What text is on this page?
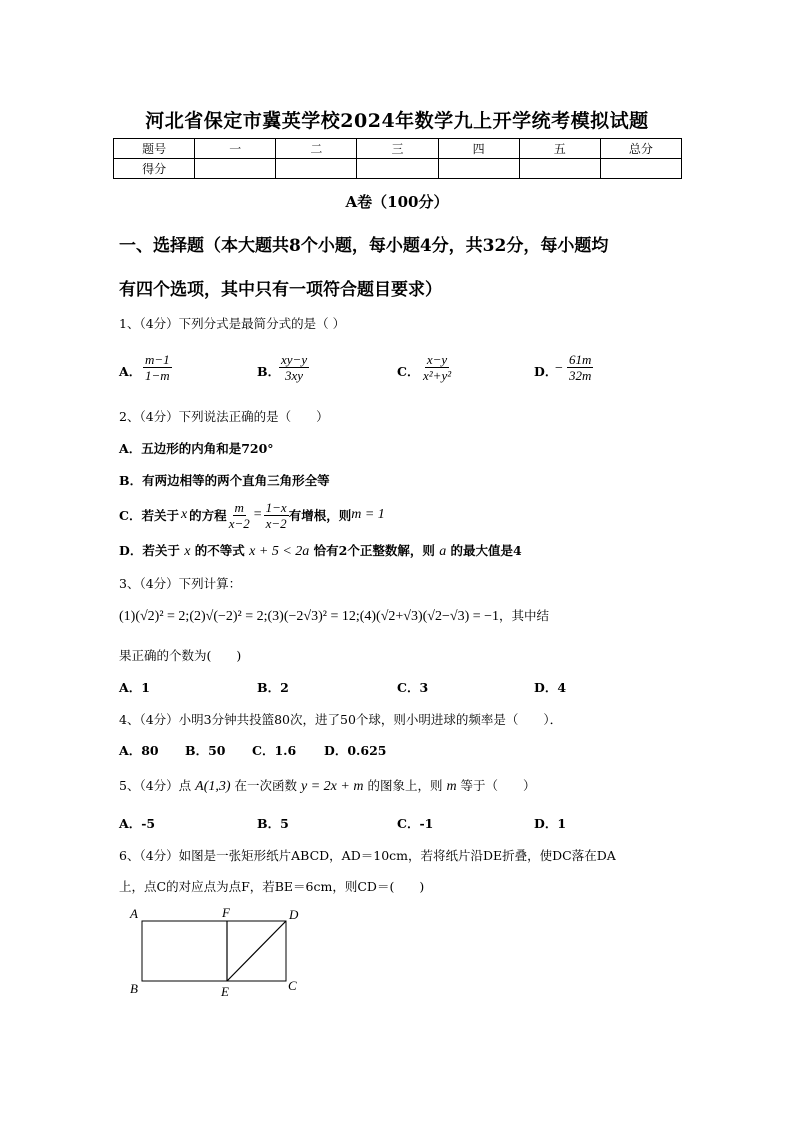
河北省保定市冀英学校2024年数学九上开学统考模拟试题
题号	一	二	三	四	五	总分
得分						
A卷（100分）
一、选择题（本大题共8个小题，每小题4分，共32分，每小题均
有四个选项，其中只有一项符合题目要求）
1、（4分）下列分式是最简分式的是（ ）
A． $\frac{m-1}{1-m}$	B．
$\frac{xy-y}{3xy}$	C． $\frac{x-y}{\text{x²+y²}}$	D．
− $\frac{61m}{32m}$
2、（4分）下列说法正确的是（　　）
A．五边形的内角和是720°
B．有两边相等的两个直角三角形全等
C．若关于 x 的方程 $\frac{m}{x-2} = \frac{1-x}{x-2}$ 有增根，则 m = 1
D．若关于 x 的不等式 x + 5 < 2a 恰有2个正整数解，则 a 的最大值是4
3、（4分）下列计算：
(1)(√2)² = 2;(2)√(−2)² = 2;(3)(−2√3)² = 12;(4)(√2+√3)(√2−√3) = −1，其中结
果正确的个数为(　　)
A．1	B．2	C．3	D．4
4、（4分）小明3分钟共投篮80次，进了50个球，则小明进球的频率是（　　）．
A．80 B．50 C．1.6 D．0.625
5、（4分）点 A(1,3) 在一次函数 y = 2x + m 的图象上，则 m 等于（　　）
A．-5	B．5	C．-1	D．1
6、（4分）如图是一张矩形纸片ABCD，AD＝10cm，若将纸片沿DE折叠，使DC落在DA
上，点C的对应点为点F，若BE＝6cm，则CD＝(　　)
A	F	D
B	E	C
